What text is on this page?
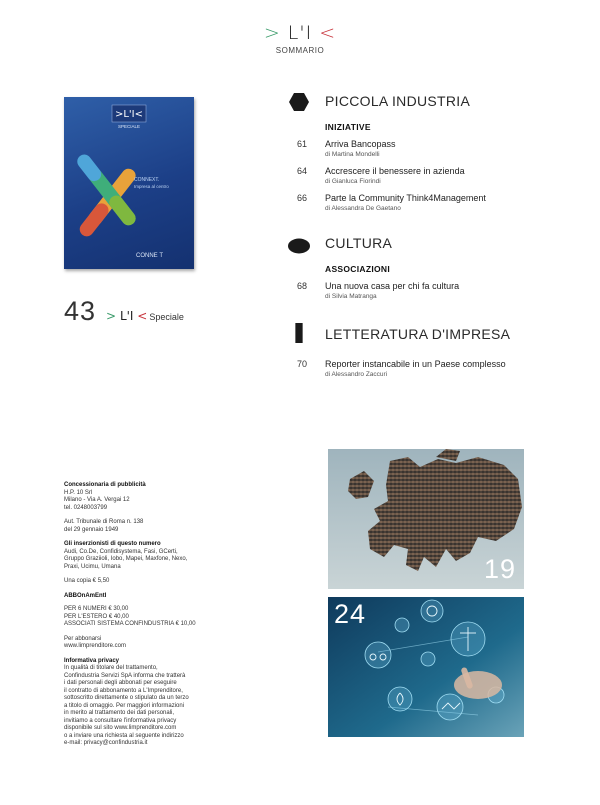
> L'I <
SOMMARIO
>L'I<
SPECIALE
CONNEXT.
Impresa al centro
CONNE T
43 > L'I < Speciale
PICCOLA INDUSTRIA
INIZIATIVE
61 Arriva Bancopass
di Martina Mondelli
64 Accrescere il benessere in azienda
di Gianluca Fiorindi
66 Parte la Community Think4Management
di Alessandra De Gaetano
CULTURA
ASSOCIAZIONI
68 Una nuova casa per chi fa cultura
di Silvia Matranga
LETTERATURA D'IMPRESA
70 Reporter instancabile in un Paese complesso
di Alessandro Zaccuri
Concessionaria di pubblicità
H.P. 10 Srl
Milano - Via A. Vergai 12
tel. 0248003799
Aut. Tribunale di Roma n. 138
del 29 gennaio 1949
Gli inserzionisti di questo numero
Audi, Co.De, Confidisystema, Fasi, GCerti,
Gruppo Graziioli, Iobo, Mapei, Maxfone, Nexo,
Praxi, Ucimu, Umana
Una copia € 5,50
ABBOnAmEntI
PER 6 NUMERI € 30,00
PER L'ESTERO € 40,00
ASSOCIATI SISTEMA CONFINDUSTRIA € 10,00
Per abbonarsi
www.limprenditore.com
Informativa privacy
In qualità di titolare del trattamento,
Confindustria Servizi SpA informa che tratterà
i dati personali degli abbonati per eseguire
il contratto di abbonamento a L'Imprenditore,
sottoscritto direttamente o stipulato da un terzo
a titolo di omaggio. Per maggiori informazioni
in merito al trattamento dei dati personali,
invitiamo a consultare l'informativa privacy
disponibile sul sito www.limprenditore.com
o a inviare una richiesta al seguente indirizzo
e-mail: privacy@confindustria.it
19
24
